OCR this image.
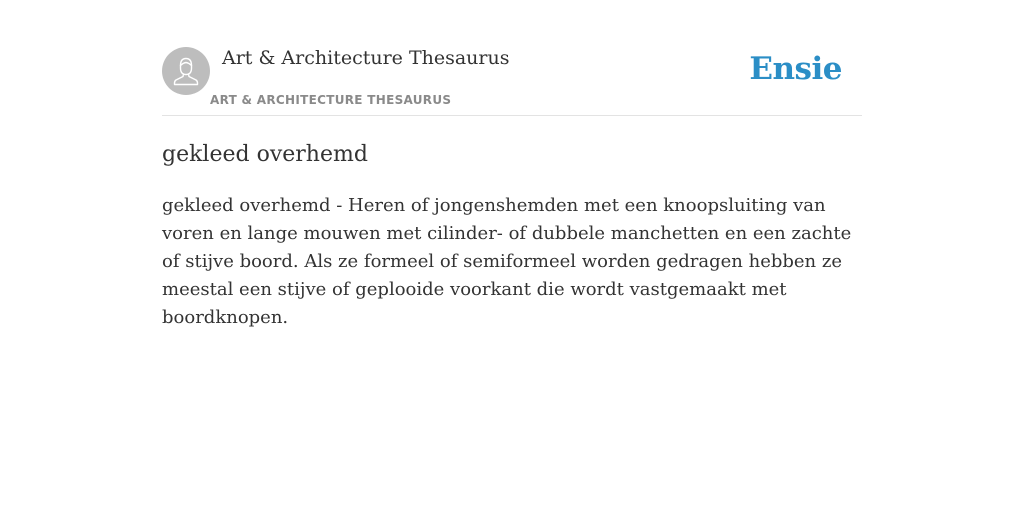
Art & Architecture Thesaurus
ART & ARCHITECTURE THESAURUS
Ensie
gekleed overhemd

gekleed overhemd - Heren of jongenshemden met een knoopsluiting van voren en lange mouwen met cilinder- of dubbele manchetten en een zachte of stijve boord. Als ze formeel of semiformeel worden gedragen hebben ze meestal een stijve of geplooide voorkant die wordt vastgemaakt met boordknopen.
